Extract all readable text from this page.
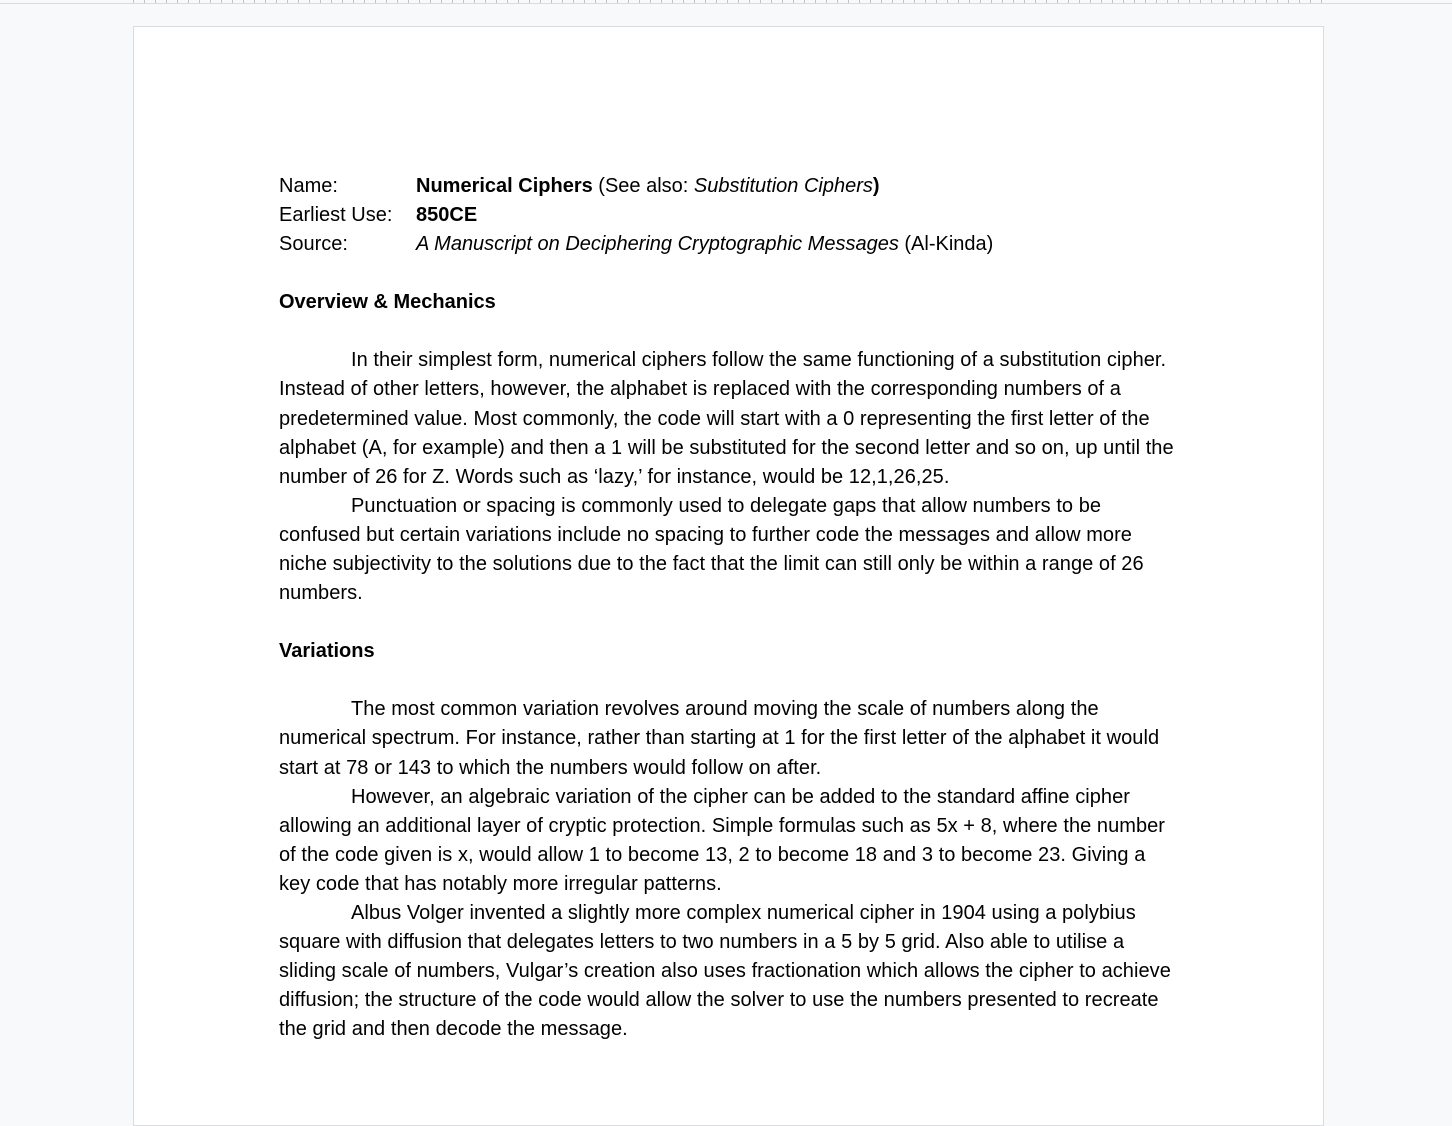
Name:	Numerical Ciphers (See also: Substitution Ciphers)
Earliest Use:	850CE
Source:	A Manuscript on Deciphering Cryptographic Messages (Al-Kinda)
Overview & Mechanics

In their simplest form, numerical ciphers follow the same functioning of a substitution cipher. Instead of other letters, however, the alphabet is replaced with the corresponding numbers of a predetermined value. Most commonly, the code will start with a 0 representing the first letter of the alphabet (A, for example) and then a 1 will be substituted for the second letter and so on, up until the number of 26 for Z. Words such as ‘lazy,’ for instance, would be 12,1,26,25.

Punctuation or spacing is commonly used to delegate gaps that allow numbers to be confused but certain variations include no spacing to further code the messages and allow more niche subjectivity to the solutions due to the fact that the limit can still only be within a range of 26 numbers.

Variations

The most common variation revolves around moving the scale of numbers along the numerical spectrum. For instance, rather than starting at 1 for the first letter of the alphabet it would start at 78 or 143 to which the numbers would follow on after.

However, an algebraic variation of the cipher can be added to the standard affine cipher allowing an additional layer of cryptic protection. Simple formulas such as 5x + 8, where the number of the code given is x, would allow 1 to become 13, 2 to become 18 and 3 to become 23. Giving a key code that has notably more irregular patterns.

Albus Volger invented a slightly more complex numerical cipher in 1904 using a polybius square with diffusion that delegates letters to two numbers in a 5 by 5 grid. Also able to utilise a sliding scale of numbers, Vulgar’s creation also uses fractionation which allows the cipher to achieve diffusion; the structure of the code would allow the solver to use the numbers presented to recreate the grid and then decode the message.
